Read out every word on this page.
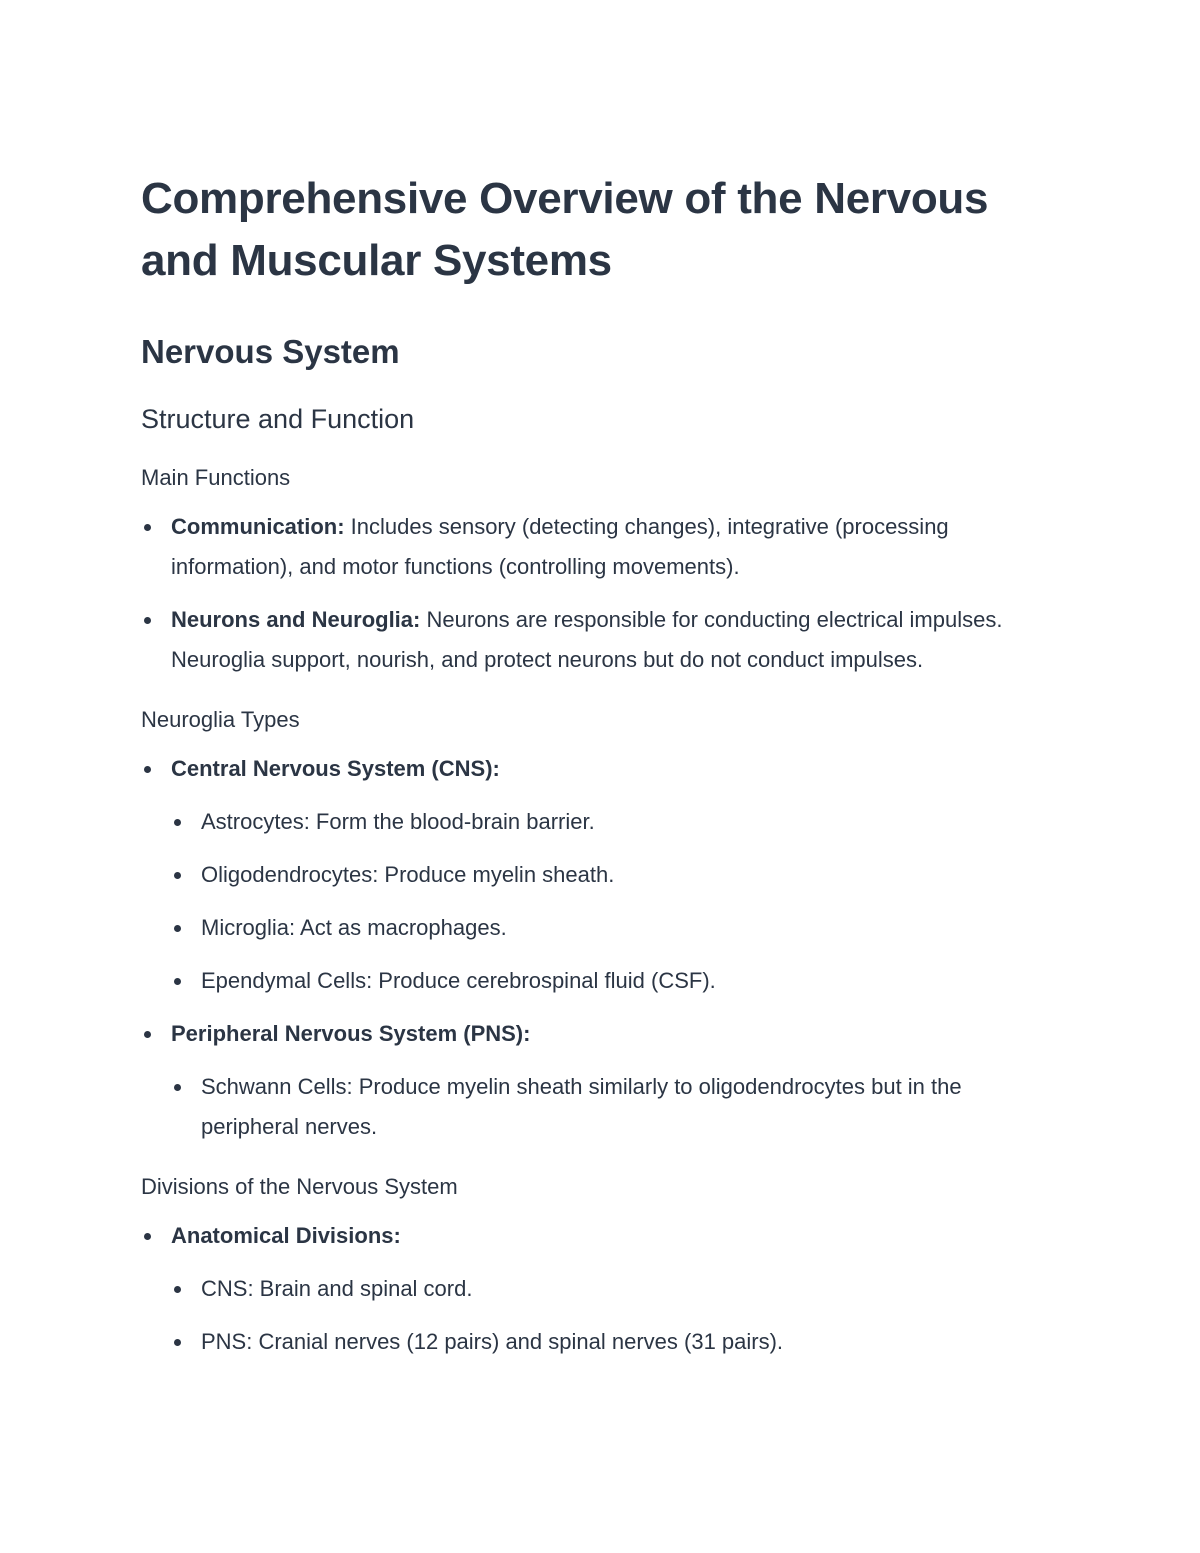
Comprehensive Overview of the Nervous and Muscular Systems
Nervous System
Structure and Function
Main Functions
Communication: Includes sensory (detecting changes), integrative (processing information), and motor functions (controlling movements).
Neurons and Neuroglia: Neurons are responsible for conducting electrical impulses. Neuroglia support, nourish, and protect neurons but do not conduct impulses.
Neuroglia Types
Central Nervous System (CNS):
Astrocytes: Form the blood-brain barrier.
Oligodendrocytes: Produce myelin sheath.
Microglia: Act as macrophages.
Ependymal Cells: Produce cerebrospinal fluid (CSF).
Peripheral Nervous System (PNS):
Schwann Cells: Produce myelin sheath similarly to oligodendrocytes but in the peripheral nerves.
Divisions of the Nervous System
Anatomical Divisions:
CNS: Brain and spinal cord.
PNS: Cranial nerves (12 pairs) and spinal nerves (31 pairs).
